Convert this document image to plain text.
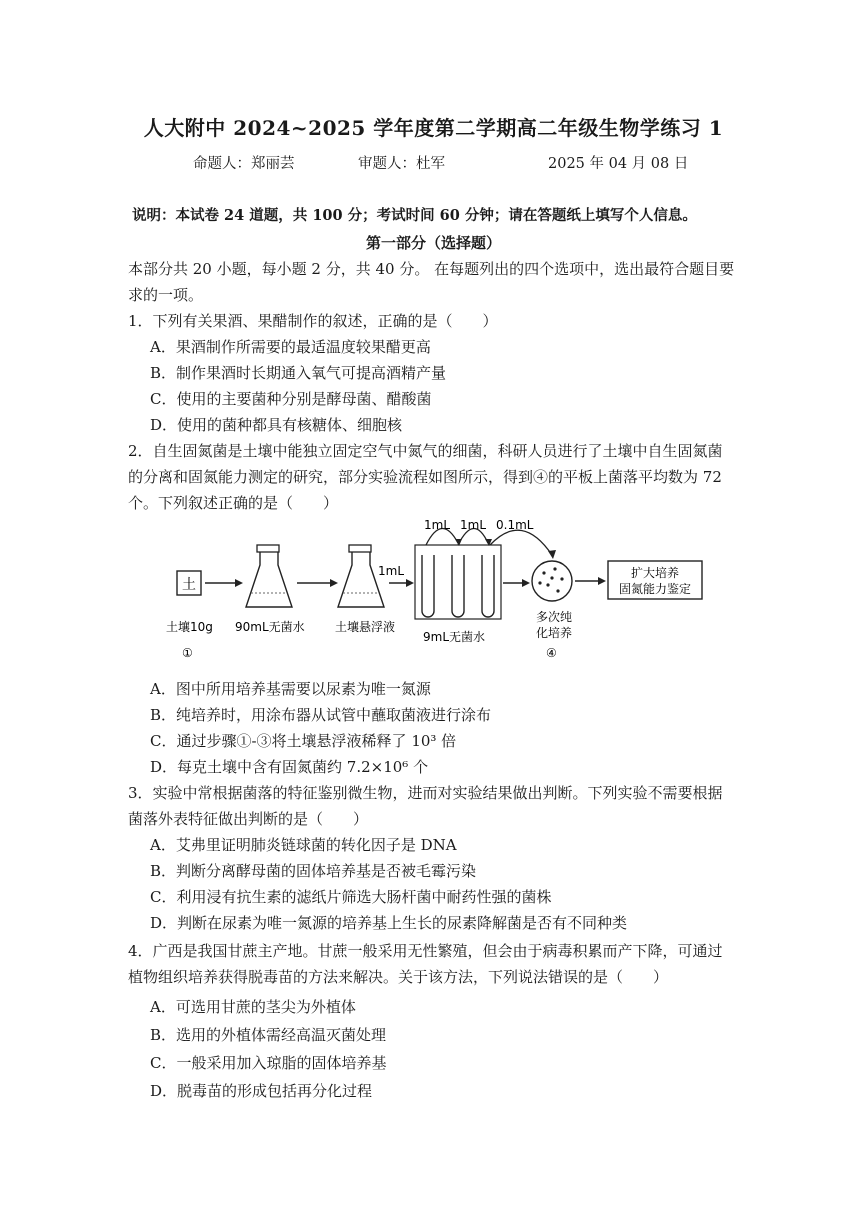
人大附中 2024~2025 学年度第二学期高二年级生物学练习 1
命题人：郑丽芸	审题人：杜军	2025 年 04 月 08 日
说明：本试卷 24 道题，共 100 分；考试时间 60 分钟；请在答题纸上填写个人信息。
第一部分（选择题）
本部分共 20 小题，每小题 2 分，共 40 分。 在每题列出的四个选项中，选出最符合题目要
求的一项。
1．下列有关果酒、果醋制作的叙述，正确的是（　　）
A．果酒制作所需要的最适温度较果醋更高
B．制作果酒时长期通入氧气可提高酒精产量
C．使用的主要菌种分别是酵母菌、醋酸菌
D．使用的菌种都具有核糖体、细胞核
2．自生固氮菌是土壤中能独立固定空气中氮气的细菌，科研人员进行了土壤中自生固氮菌
的分离和固氮能力测定的研究，部分实验流程如图所示，得到④的平板上菌落平均数为 72
个。下列叙述正确的是（　　）
土
土壤10g
①
90mL无菌水	土壤悬浮液
1mL
1mL 1mL 0.1mL
9mL无菌水
多次纯
化培养
④
扩大培养
固氮能力鉴定
A．图中所用培养基需要以尿素为唯一氮源
B．纯培养时，用涂布器从试管中蘸取菌液进行涂布
C．通过步骤①-③将土壤悬浮液稀释了 10³ 倍
D．每克土壤中含有固氮菌约 7.2×10⁶ 个
3．实验中常根据菌落的特征鉴别微生物，进而对实验结果做出判断。下列实验不需要根据
菌落外表特征做出判断的是（　　）
A．艾弗里证明肺炎链球菌的转化因子是 DNA
B．判断分离酵母菌的固体培养基是否被毛霉污染
C．利用浸有抗生素的滤纸片筛选大肠杆菌中耐药性强的菌株
D．判断在尿素为唯一氮源的培养基上生长的尿素降解菌是否有不同种类
4．广西是我国甘蔗主产地。甘蔗一般采用无性繁殖，但会由于病毒积累而产下降，可通过
植物组织培养获得脱毒苗的方法来解决。关于该方法，下列说法错误的是（　　）
A．可选用甘蔗的茎尖为外植体
B．选用的外植体需经高温灭菌处理
C．一般采用加入琼脂的固体培养基
D．脱毒苗的形成包括再分化过程
